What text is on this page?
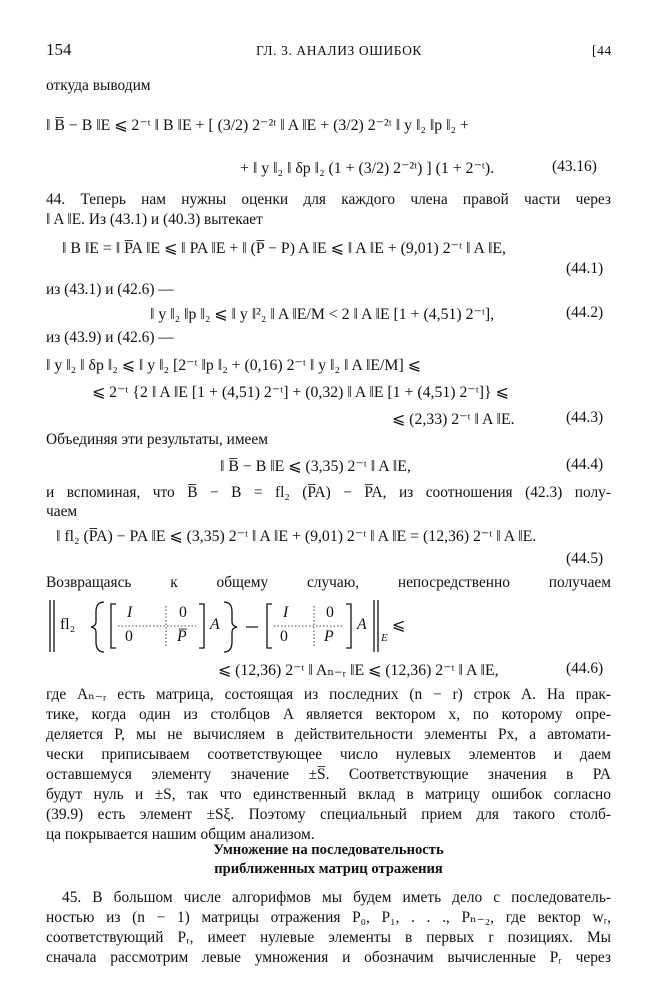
154	ГЛ. 3. АНАЛИЗ ОШИБОК	[44
откуда выводим
‖ B̅ − B ‖E ⩽ 2⁻ᵗ ‖ B ‖E + [ (3/2) 2⁻²ᵗ ‖ A ‖E + (3/2) 2⁻²ᵗ ‖ y ‖₂ ‖p ‖₂ +
+ ‖ y ‖₂ ‖ δp ‖₂ (1 + (3/2) 2⁻²ᵗ) ] (1 + 2⁻ᵗ).	(43.16)
44. Теперь нам нужны оценки для каждого члена правой части через
‖ A ‖E. Из (43.1) и (40.3) вытекает
‖ B ‖E = ‖ P̅A ‖E ⩽ ‖ PA ‖E + ‖ (P̅ − P) A ‖E ⩽ ‖ A ‖E + (9,01) 2⁻ᵗ ‖ A ‖E,
(44.1)
из (43.1) и (42.6) —
‖ y ‖₂ ‖p ‖₂ ⩽ ‖ y ‖²₂ ‖ A ‖E/M < 2 ‖ A ‖E [1 + (4,51) 2⁻ᵗ],	(44.2)
из (43.9) и (42.6) —
‖ y ‖₂ ‖ δp ‖₂ ⩽ ‖ y ‖₂ [2⁻ᵗ ‖p ‖₂ + (0,16) 2⁻ᵗ ‖ y ‖₂ ‖ A ‖E/M] ⩽
⩽ 2⁻ᵗ {2 ‖ A ‖E [1 + (4,51) 2⁻ᵗ] + (0,32) ‖ A ‖E [1 + (4,51) 2⁻ᵗ]} ⩽
⩽ (2,33) 2⁻ᵗ ‖ A ‖E.	(44.3)
Объединяя эти результаты, имеем
‖ B̅ − B ‖E ⩽ (3,35) 2⁻ᵗ ‖ A ‖E,	(44.4)
и вспоминая, что B̅ − B = fl₂ (P̅A) − P̅A, из соотношения (42.3) полу-
чаем
‖ fl₂ (P̅A) − PA ‖E ⩽ (3,35) 2⁻ᵗ ‖ A ‖E + (9,01) 2⁻ᵗ ‖ A ‖E = (12,36) 2⁻ᵗ ‖ A ‖E.
(44.5)
Возвращаясь к общему случаю, непосредственно получаем
fl₂
I	0
0	P̅
A
I 0
0 P
A
E
⩽
⩽ (12,36) 2⁻ᵗ ‖ Aₙ₋ᵣ ‖E ⩽ (12,36) 2⁻ᵗ ‖ A ‖E,	(44.6)
где Aₙ₋ᵣ есть матрица, состоящая из последних (n − r) строк A. На прак-
тике, когда один из столбцов A является вектором x, по которому опре-
деляется P, мы не вычисляем в действительности элементы Px, а автомати-
чески приписываем соответствующее число нулевых элементов и даем
оставшемуся элементу значение ±S̅. Соответствующие значения в PA
будут нуль и ±S, так что единственный вклад в матрицу ошибок согласно
(39.9) есть элемент ±Sξ. Поэтому специальный прием для такого столб-
ца покрывается нашим общим анализом.
Умножение на последовательность
приближенных матриц отражения
45. В большом числе алгорифмов мы будем иметь дело с последователь-
ностью из (n − 1) матрицы отражения P₀, P₁, . . ., Pₙ₋₂, где вектор wᵣ,
соответствующий Pᵣ, имеет нулевые элементы в первых r позициях. Мы
сначала рассмотрим левые умножения и обозначим вычисленные Pᵣ через
